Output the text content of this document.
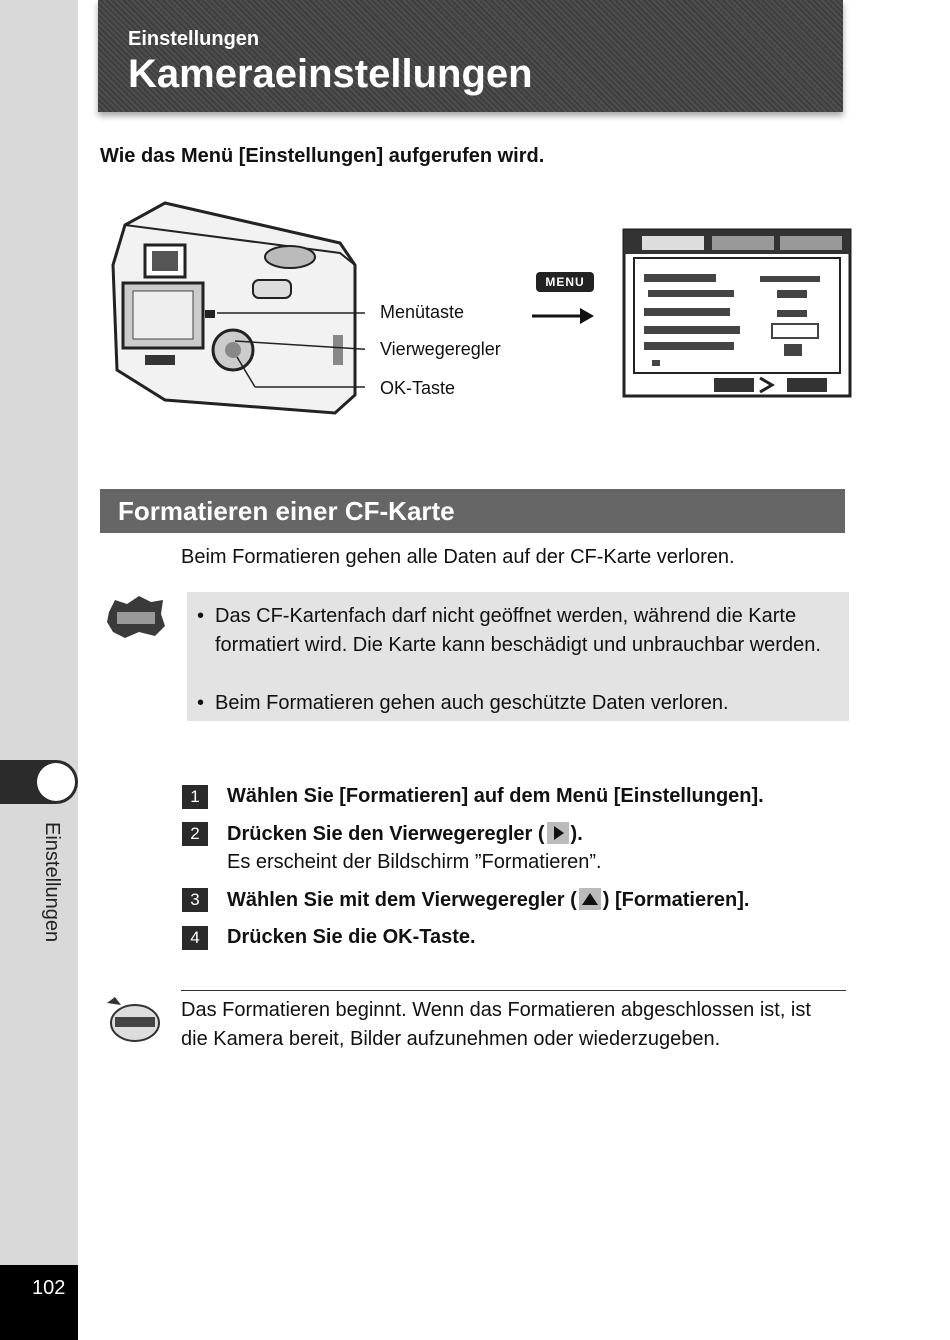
Einstellungen
102
Einstellungen
Kameraeinstellungen
Wie das Menü [Einstellungen] aufgerufen wird.
Menütaste
Vierwegeregler
OK-Taste
MENU
Formatieren einer CF-Karte
Beim Formatieren gehen alle Daten auf der CF-Karte verloren.
• Das CF-Kartenfach darf nicht geöffnet werden, während die Karte formatiert wird. Die Karte kann beschädigt und unbrauchbar werden.
• Beim Formatieren gehen auch geschützte Daten verloren.
1	Wählen Sie [Formatieren] auf dem Menü [Einstellungen].
2	Drücken Sie den Vierwegeregler ( ).
Es erscheint der Bildschirm ”Formatieren”.
3	Wählen Sie mit dem Vierwegeregler ( ) [Formatieren].
4	Drücken Sie die OK-Taste.
Das Formatieren beginnt. Wenn das Formatieren abgeschlossen ist, ist die Kamera bereit, Bilder aufzunehmen oder wiederzugeben.
